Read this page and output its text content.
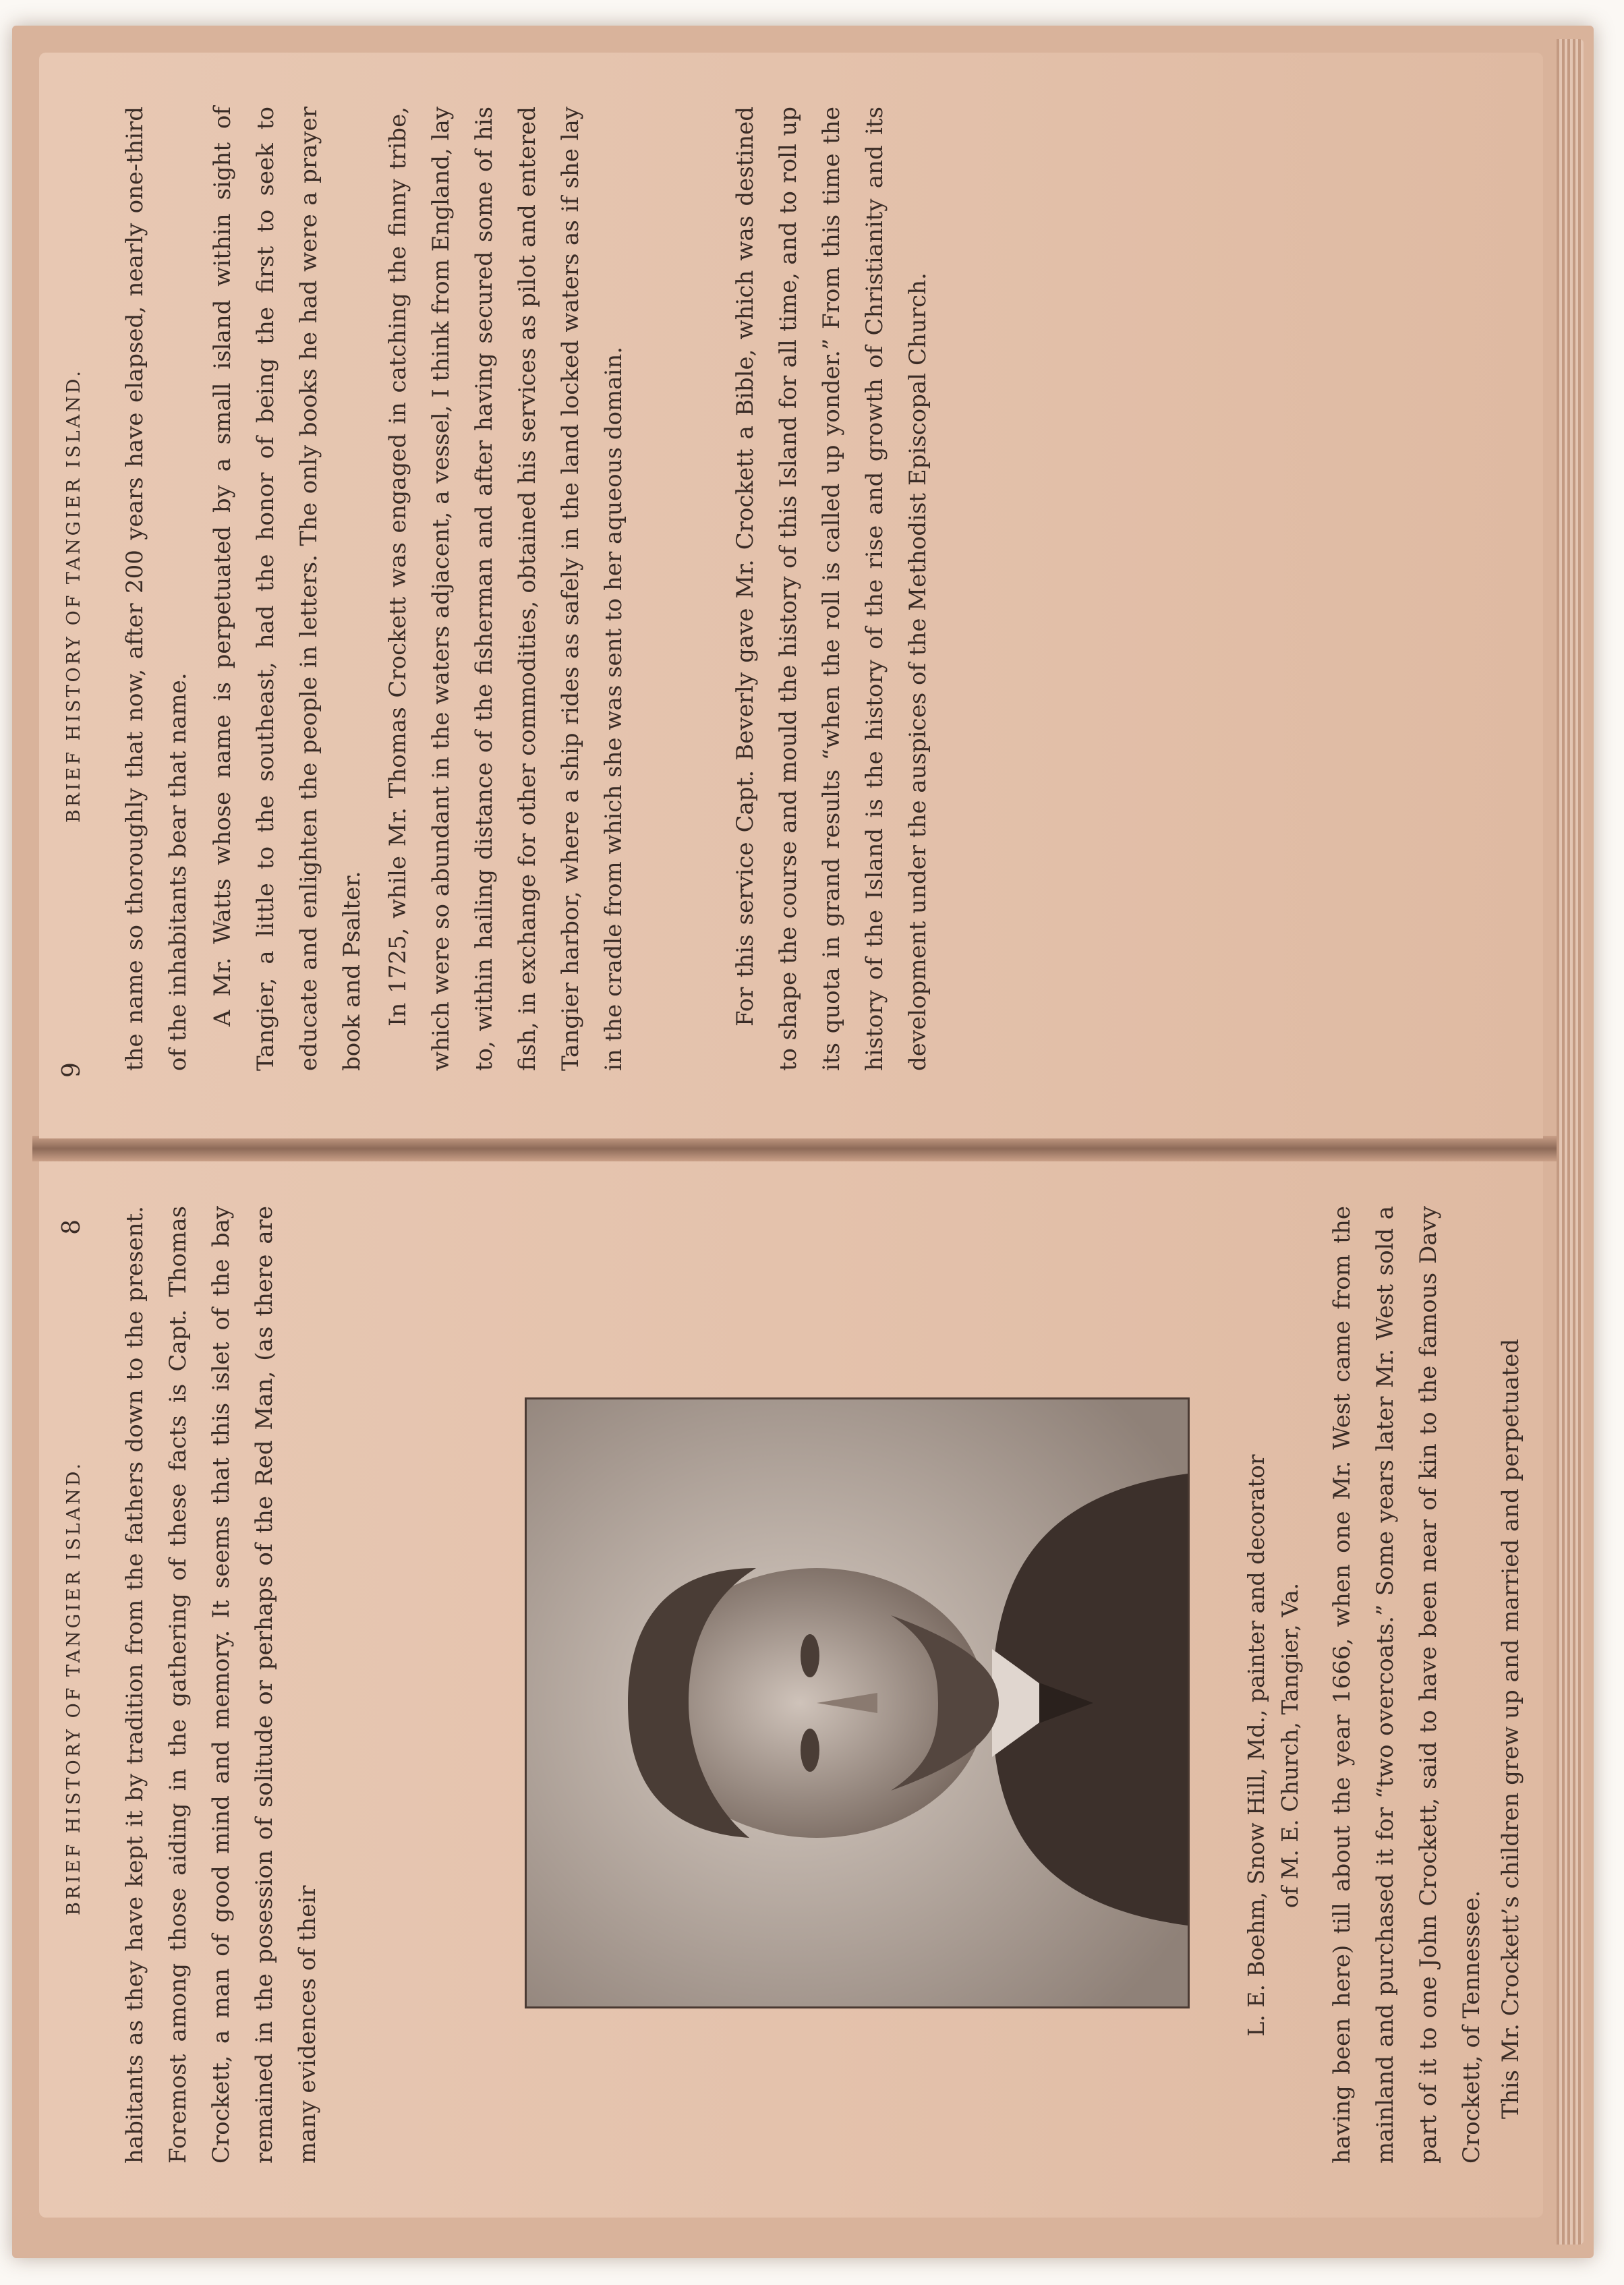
BRIEF HISTORY OF TANGIER ISLAND.
8	habitants as they have kept it by tradition from the fathers down to the present. Foremost among those aiding in the gathering of these facts is Capt. Thomas Crockett, a man of good mind and memory. It seems that this islet of the bay remained in the posession of solitude or perhaps of the Red Man, (as there are many evidences of their	L. E. Boehm, Snow Hill, Md., painter and decorator of M. E. Church, Tangier, Va.	having been here) till about the year 1666, when one Mr. West came from the mainland and purchased it for “two overcoats.” Some years later Mr. West sold a part of it to one John Crockett, said to have been near of kin to the famous Davy Crockett, of Tennessee. This Mr. Crockett’s children grew up and married and perpetuated

9
BRIEF HISTORY OF TANGIER ISLAND.	the name so thoroughly that now, after 200 years have elapsed, nearly one-third of the inhabitants bear that name. A Mr. Watts whose name is perpetuated by a small island within sight of Tangier, a little to the southeast, had the honor of being the first to seek to educate and enlighten the people in letters. The only books he had were a prayer book and Psalter. In 1725, while Mr. Thomas Crockett was engaged in catching the finny tribe, which were so abundant in the waters adjacent, a vessel, I think from England, lay to, within hailing distance of the fisherman and after having secured some of his fish, in exchange for other commodities, obtained his services as pilot and entered Tangier harbor, where a ship rides as safely in the land locked waters as if she lay in the cradle from which she was sent to her aqueous domain.	For this service Capt. Beverly gave Mr. Crockett a Bible, which was destined to shape the course and mould the history of this Island for all time, and to roll up its quota in grand results “when the roll is called up yonder.” From this time the history of the Island is the history of the rise and growth of Christianity and its development under the auspices of the Methodist Episcopal Church.
